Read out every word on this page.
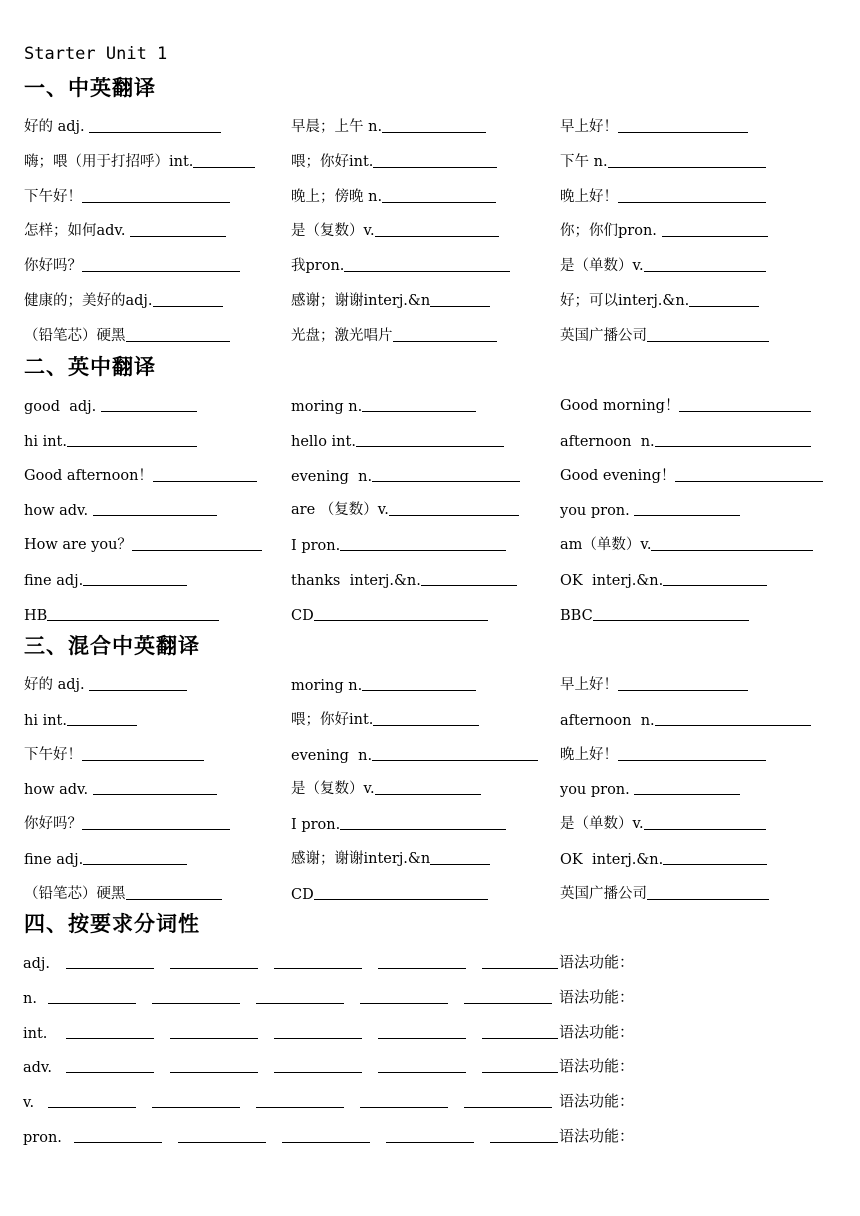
Starter Unit 1
一、中英翻译
好的 adj.	早晨；上午 n.	早上好！
嗨；喂（用于打招呼）int.	喂；你好int.	下午 n.
下午好！	晚上；傍晚 n.	晚上好！
怎样；如何adv.	是（复数）v.	你；你们pron.
你好吗？	我pron.	是（单数）v.
健康的；美好的adj.	感谢；谢谢interj.&n	好；可以interj.&n.
（铅笔芯）硬黑	光盘；激光唱片	英国广播公司
二、英中翻译
good  adj.	moring n.	Good morning！
hi int.	hello int.	afternoon  n.
Good afternoon！	evening  n.	Good evening！
how adv.	are （复数）v.	you pron.
How are you？	I pron.	am（单数）v.
fine adj.	thanks  interj.&n.	OK  interj.&n.
HB	CD	BBC
三、混合中英翻译
好的 adj.	moring n.	早上好！
hi int.	喂；你好int.	afternoon  n.
下午好！	evening  n.	晚上好！
how adv.	是（复数）v.	you pron.
你好吗？	I pron.	是（单数）v.
fine adj.	感谢；谢谢interj.&n	OK  interj.&n.
（铅笔芯）硬黑	CD	英国广播公司
四、按要求分词性
adj.	语法功能：
n.	语法功能：
int.	语法功能：
adv.	语法功能：
v.	语法功能：
pron.	语法功能：
